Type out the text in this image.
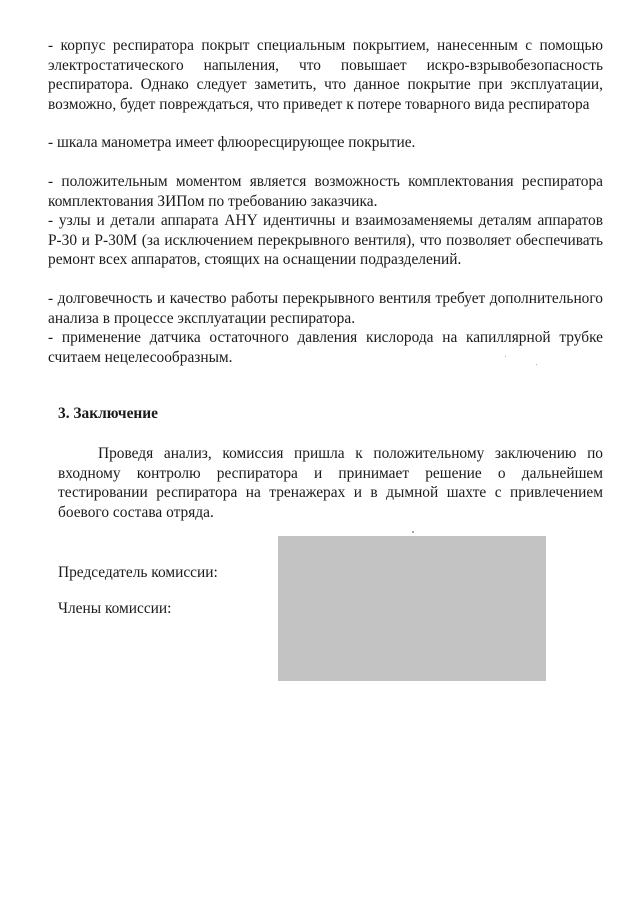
- корпус респиратора покрыт специальным покрытием, нанесенным с помощью электростатического напыления, что повышает искро-взрывобезопасность респиратора. Однако следует заметить, что данное покрытие при эксплуатации, возможно, будет повреждаться, что приведет к потере товарного вида респиратора

- шкала манометра имеет флюоресцирующее покрытие.

- положительным моментом является возможность комплектования респиратора комплектования ЗИПом по требованию заказчика.

- узлы и детали аппарата АНY идентичны и взаимозаменяемы деталям аппаратов Р-30 и Р-30М (за исключением перекрывного вентиля), что позволяет обеспечивать ремонт всех аппаратов, стоящих на оснащении подразделений.

- долговечность и качество работы перекрывного вентиля требует дополнительного анализа в процессе эксплуатации респиратора.

- применение датчика остаточного давления кислорода на капиллярной трубке считаем нецелесообразным.

3. Заключение

Проведя анализ, комиссия пришла к положительному заключению по входному контролю респиратора и принимает решение о дальнейшем тестировании респиратора на тренажерах и в дымной шахте с привлечением боевого состава отряда.

Председатель комиссии:

Члены комиссии:
